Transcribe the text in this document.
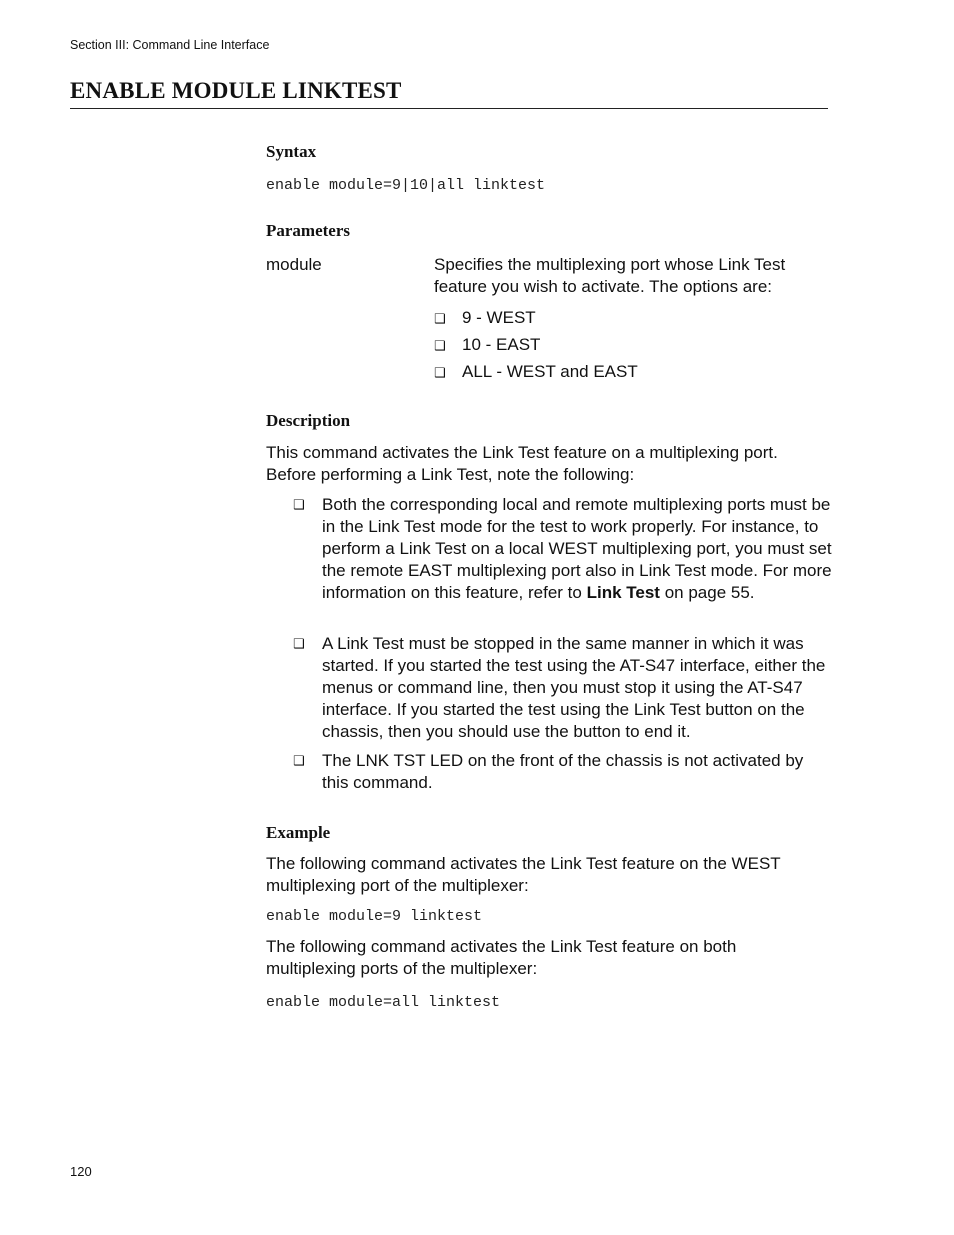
Section III: Command Line Interface
ENABLE MODULE LINKTEST
Syntax
enable module=9|10|all linktest
Parameters
module	Specifies the multiplexing port whose Link Test feature you wish to activate. The options are:
❑ 9 - WEST
❑ 10 - EAST
❑ ALL - WEST and EAST
Description
This command activates the Link Test feature on a multiplexing port. Before performing a Link Test, note the following:
❑	Both the corresponding local and remote multiplexing ports must be in the Link Test mode for the test to work properly. For instance, to perform a Link Test on a local WEST multiplexing port, you must set the remote EAST multiplexing port also in Link Test mode. For more information on this feature, refer to Link Test on page 55.
❑	A Link Test must be stopped in the same manner in which it was started. If you started the test using the AT-S47 interface, either the menus or command line, then you must stop it using the AT-S47 interface. If you started the test using the Link Test button on the chassis, then you should use the button to end it.
❑	The LNK TST LED on the front of the chassis is not activated by this command.
Example
The following command activates the Link Test feature on the WEST multiplexing port of the multiplexer:
enable module=9 linktest
The following command activates the Link Test feature on both multiplexing ports of the multiplexer:
enable module=all linktest
120
